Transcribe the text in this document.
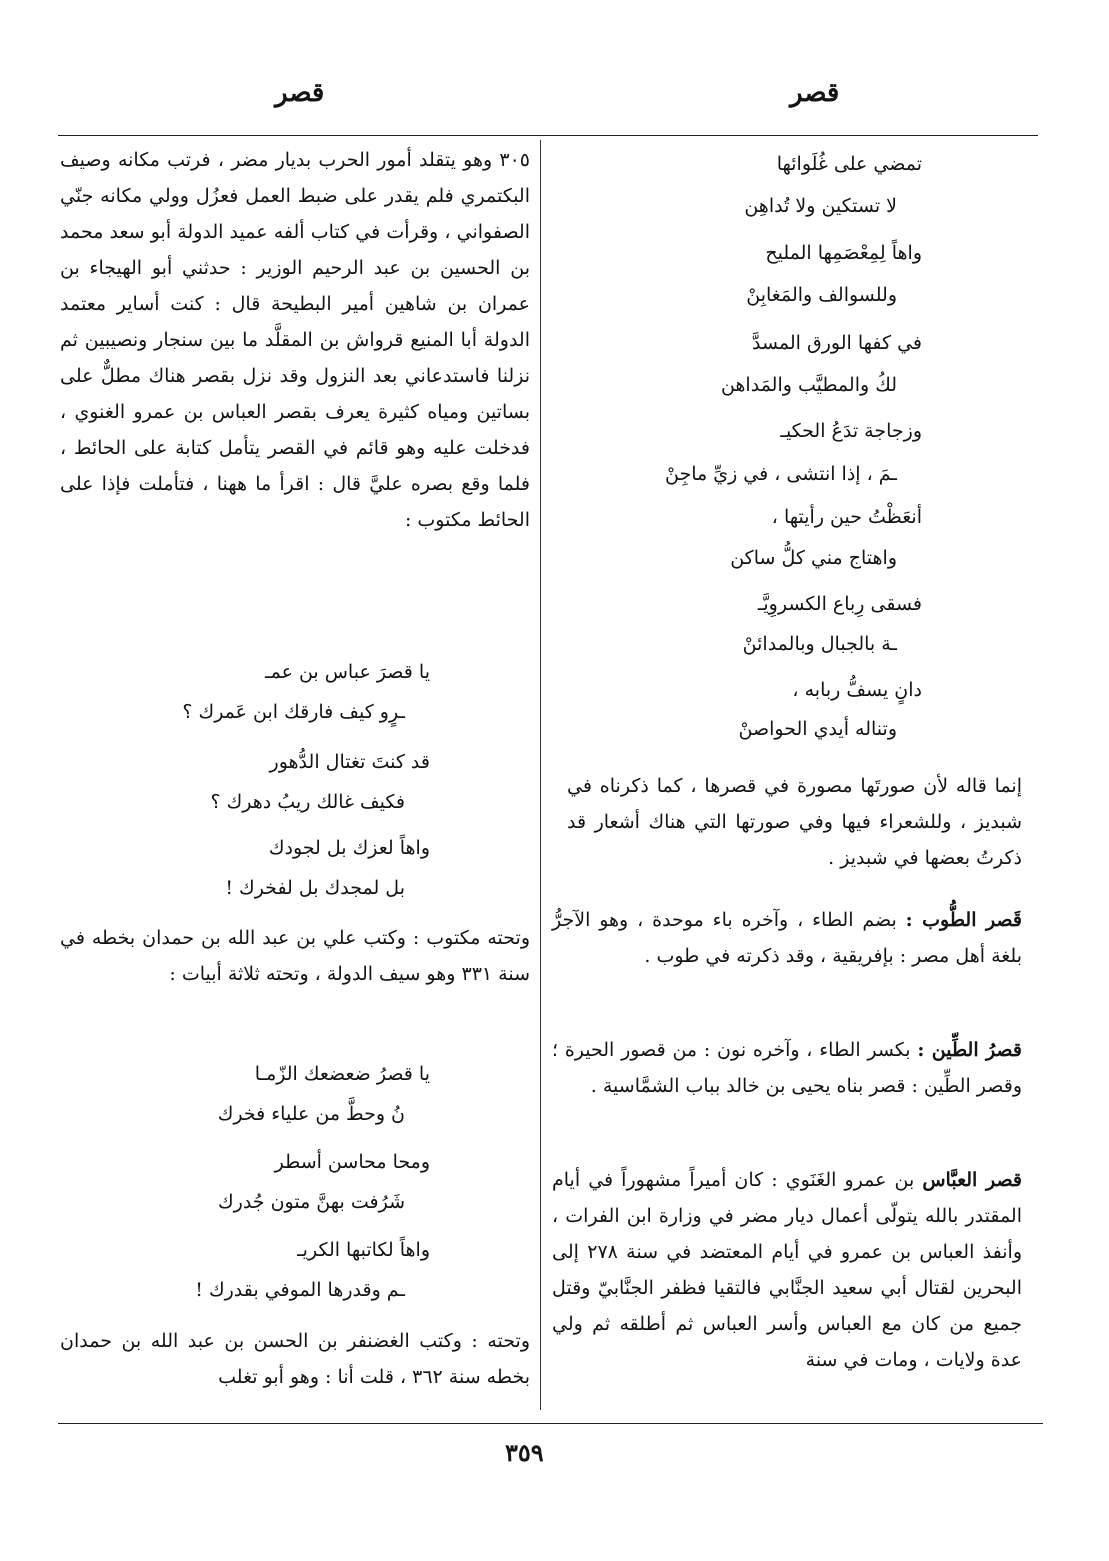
قصر
قصر
تمضي على غُلَوائها
لا تستكين ولا تُداهِن
واهاً لِمِعْصَمِها المليح
وللسوالف والمَغابِنْ
في كفها الورق المسدَّ
لكُ والمطيَّب والمَداهن
وزجاجة تدَعُ الحكيـ
ـمَ ، إذا انتشى ، في زيِّ ماجِنْ
أنعَظْتُ حين رأيتها ،
واهتاج مني كلُّ ساكن
فسقى رِباع الكسروِيَّـ
ـة بالجبال وبالمدائنْ
دانٍ يسفُّ ربابه ،
وتناله أيدي الحواصنْ
إنما قاله لأن صورتَها مصورة في قصرها ، كما ذكرناه في شبديز ، وللشعراء فيها وفي صورتها التي هناك أشعار قد ذكرتُ بعضها في شبديز .
قَصر الطُّوب : بضم الطاء ، وآخره باء موحدة ، وهو الآجرُّ بلغة أهل مصر : بإفريقية ، وقد ذكرته في طوب .
قصرُ الطِّين : بكسر الطاء ، وآخره نون : من قصور الحيرة ؛ وقصر الطِّين : قصر بناه يحيى بن خالد بباب الشمَّاسية .
قصر العبَّاس بن عمرو الغَنَوي : كان أميراً مشهوراً في أيام المقتدر بالله يتولّى أعمال ديار مضر في وزارة ابن الفرات ، وأنفذ العباس بن عمرو في أيام المعتضد في سنة ٢٧٨ إلى البحرين لقتال أبي سعيد الجنَّابي فالتقيا فظفر الجنَّابيّ وقتل جميع من كان مع العباس وأسر العباس ثم أطلقه ثم ولي عدة ولايات ، ومات في سنة
٣٠٥ وهو يتقلد أمور الحرب بديار مضر ، فرتب مكانه وصيف البكتمري فلم يقدر على ضبط العمل فعزُل وولي مكانه جنّي الصفواني ، وقرأت في كتاب ألفه عميد الدولة أبو سعد محمد بن الحسين بن عبد الرحيم الوزير : حدثني أبو الهيجاء بن عمران بن شاهين أمير البطيحة قال : كنت أساير معتمد الدولة أبا المنيع قرواش بن المقلَّد ما بين سنجار ونصيبين ثم نزلنا فاستدعاني بعد النزول وقد نزل بقصر هناك مطلٌّ على بساتين ومياه كثيرة يعرف بقصر العباس بن عمرو الغنوي ، فدخلت عليه وهو قائم في القصر يتأمل كتابة على الحائط ، فلما وقع بصره عليَّ قال : اقرأ ما ههنا ، فتأملت فإذا على الحائط مكتوب :
يا قصرَ عباس بن عمـ
ـرٍو كيف فارقك ابن عَمرك ؟
قد كنتَ تغتال الدُّهور
فكيف غالك ريبُ دهرك ؟
واهاً لعزك بل لجودك
بل لمجدك بل لفخرك !
وتحته مكتوب : وكتب علي بن عبد الله بن حمدان بخطه في سنة ٣٣١ وهو سيف الدولة ، وتحته ثلاثة أبيات :
يا قصرُ ضعضعك الزّمـا
نُ وحطَّ من علياء فخرك
ومحا محاسن أسطر
شَرُفت بهنَّ متون جُدرك
واهاً لكاتبها الكريـ
ـم وقدرها الموفي بقدرك !
وتحته : وكتب الغضنفر بن الحسن بن عبد الله بن حمدان بخطه سنة ٣٦٢ ، قلت أنا : وهو أبو تغلب
٣٥٩
